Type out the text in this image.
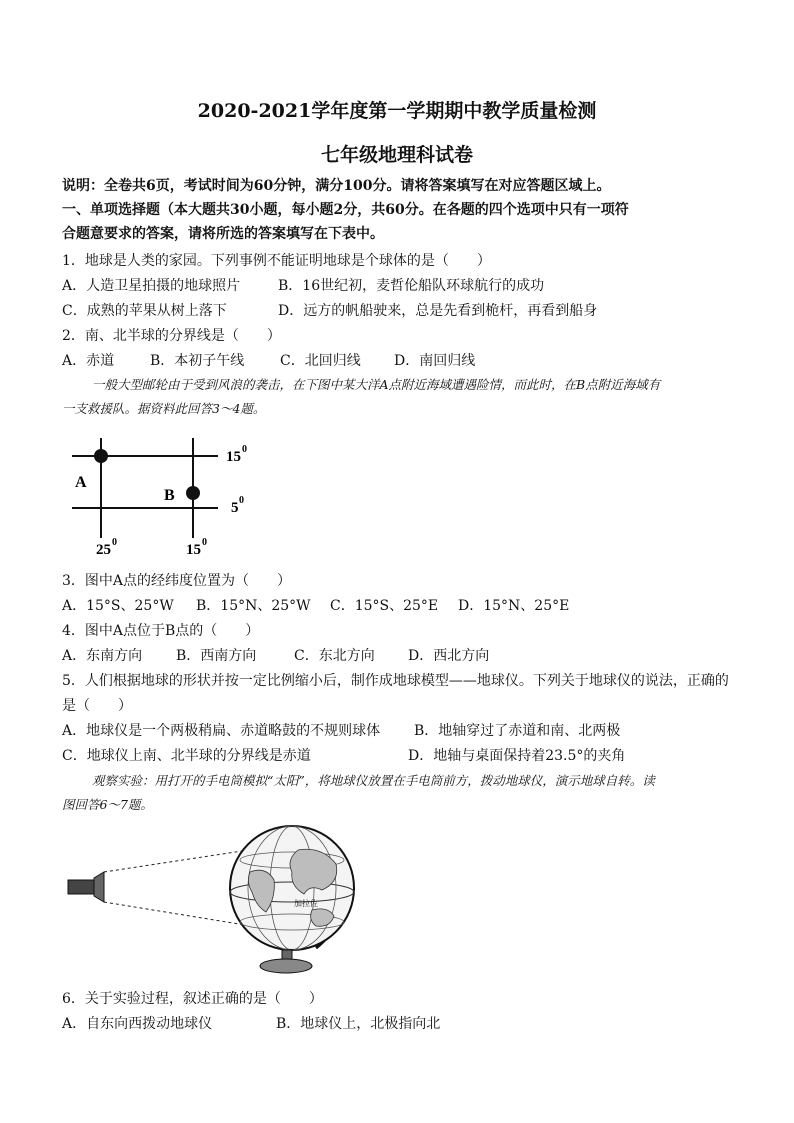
2020-2021学年度第一学期期中教学质量检测
七年级地理科试卷
说明：全卷共6页，考试时间为60分钟，满分100分。请将答案填写在对应答题区域上。
一、单项选择题（本大题共30小题，每小题2分，共60分。在各题的四个选项中只有一项符
合题意要求的答案，请将所选的答案填写在下表中。
1．地球是人类的家园。下列事例不能证明地球是个球体的是（　　）
A．人造卫星拍摄的地球照片	B．16世纪初，麦哲伦船队环球航行的成功
C．成熟的苹果从树上落下	D．远方的帆船驶来，总是先看到桅杆，再看到船身
2．南、北半球的分界线是（　　）
A．赤道	B．本初子午线	C．北回归线 D．南回归线
一般大型邮轮由于受到风浪的袭击，在下图中某大洋A点附近海域遭遇险情，而此时，在B点附近海域有
一支救援队。据资料此回答3～4题。
A
B
15 0
5 0
25 0	15 0
3．图中A点的经纬度位置为（　　）
A．15°S、25°W B．15°N、25°W C．15°S、25°E D．15°N、25°E
4．图中A点位于B点的（　　）
A．东南方向 B．西南方向	C．东北方向 D．西北方向
5．人们根据地球的形状并按一定比例缩小后，制作成地球模型——地球仪。下列关于地球仪的说法，正确的
是（　　）
A．地球仪是一个两极稍扁、赤道略鼓的不规则球体 B．地轴穿过了赤道和南、北两极
C．地球仪上南、北半球的分界线是赤道	D．地轴与桌面保持着23.5°的夹角
观察实验：用打开的手电筒模拟“太阳”，将地球仪放置在手电筒前方，拨动地球仪，演示地球自转。读
图回答6～7题。
加拉佐
6．关于实验过程，叙述正确的是（　　）
A．自东向西拨动地球仪	B．地球仪上，北极指向北
